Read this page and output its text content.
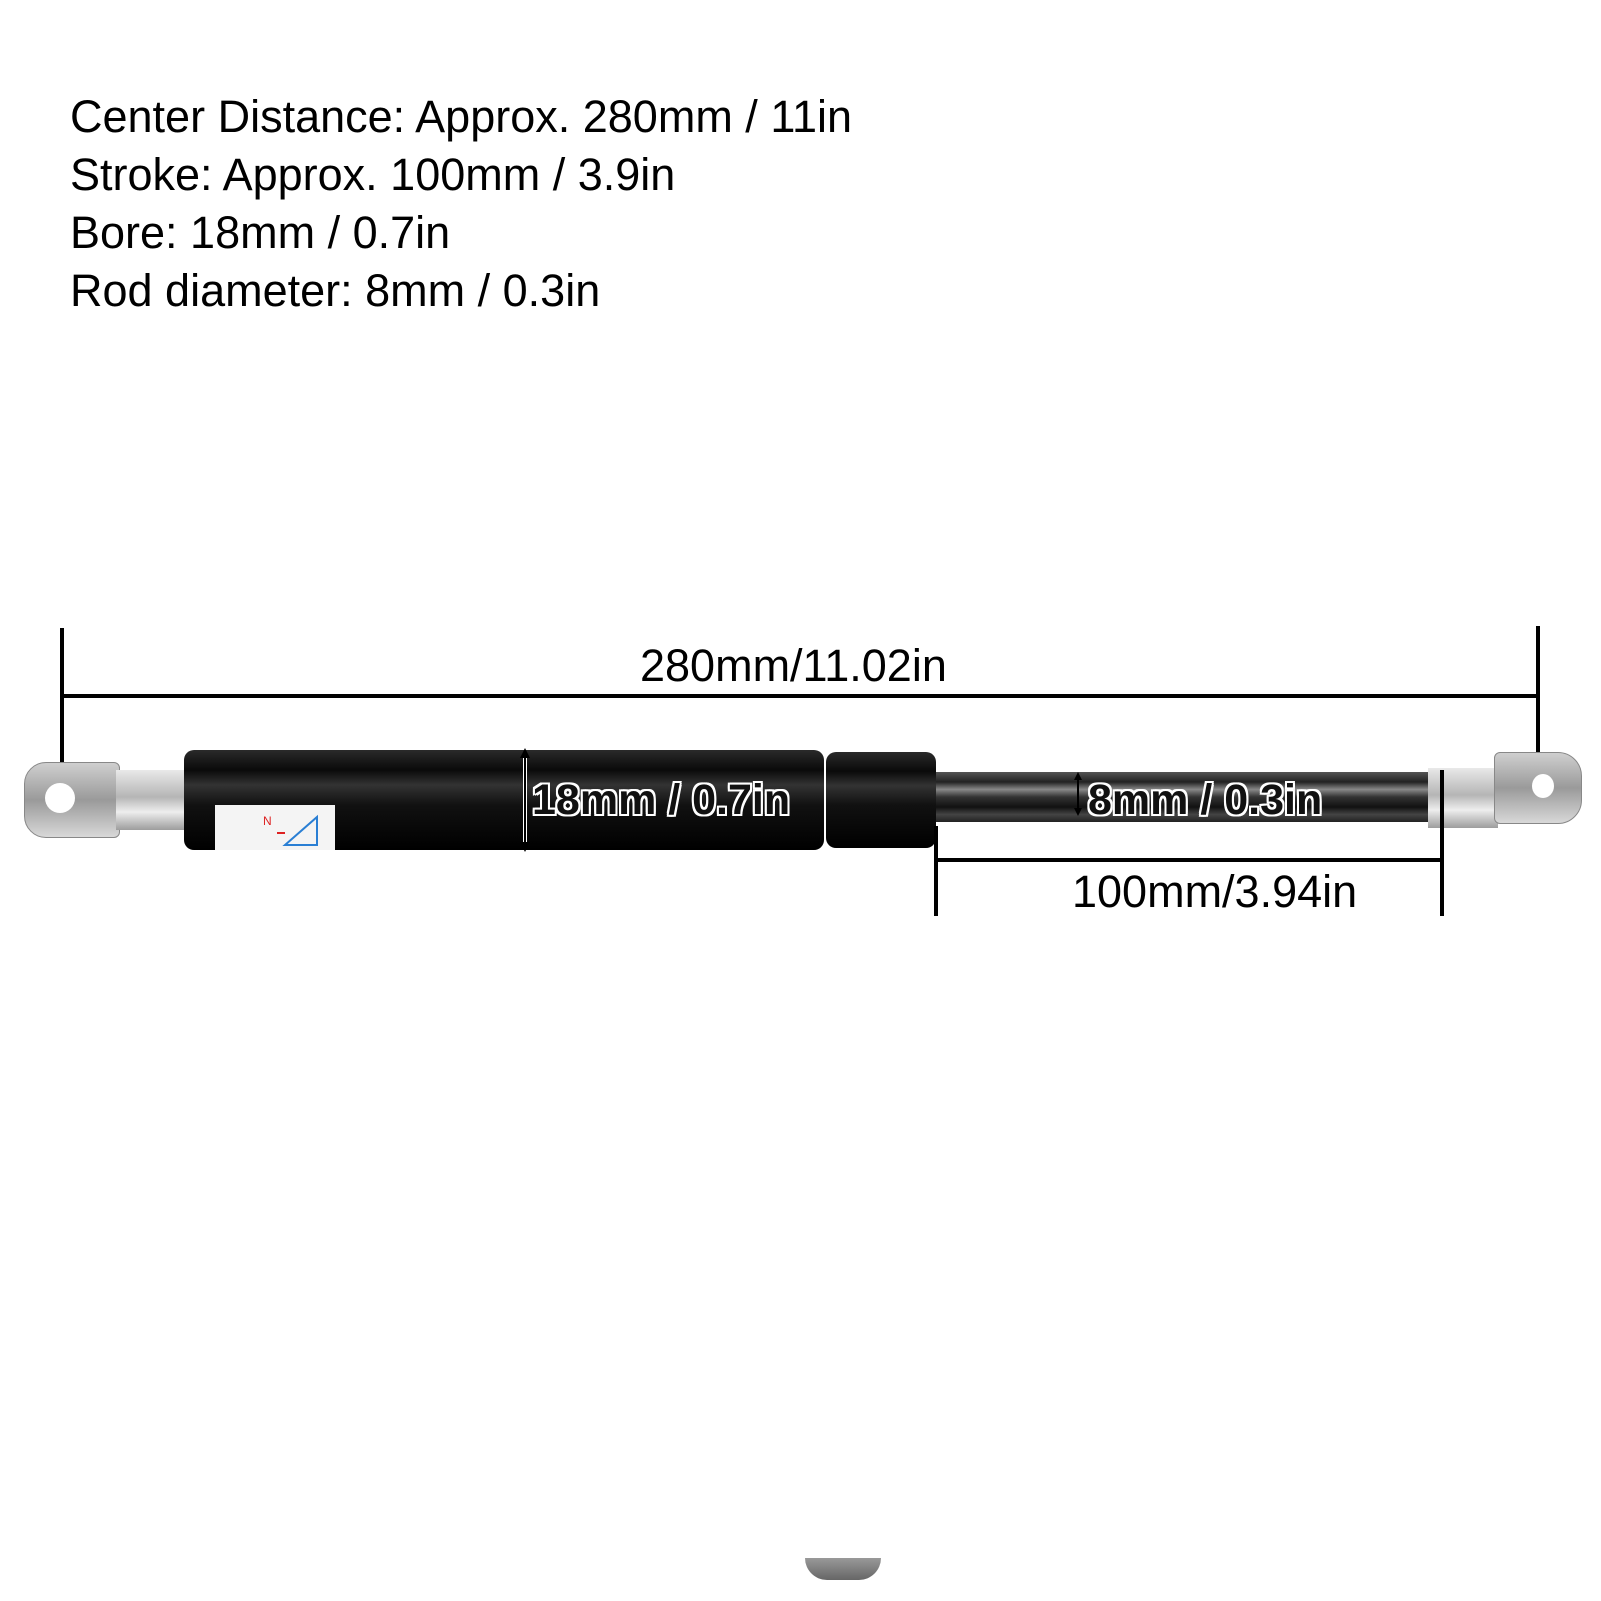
Center Distance: Approx. 280mm / 11in
Stroke: Approx. 100mm / 3.9in
Bore: 18mm / 0.7in
Rod diameter: 8mm / 0.3in
280mm/11.02in
N	18mm / 0.7in	8mm / 0.3in
100mm/3.94in
